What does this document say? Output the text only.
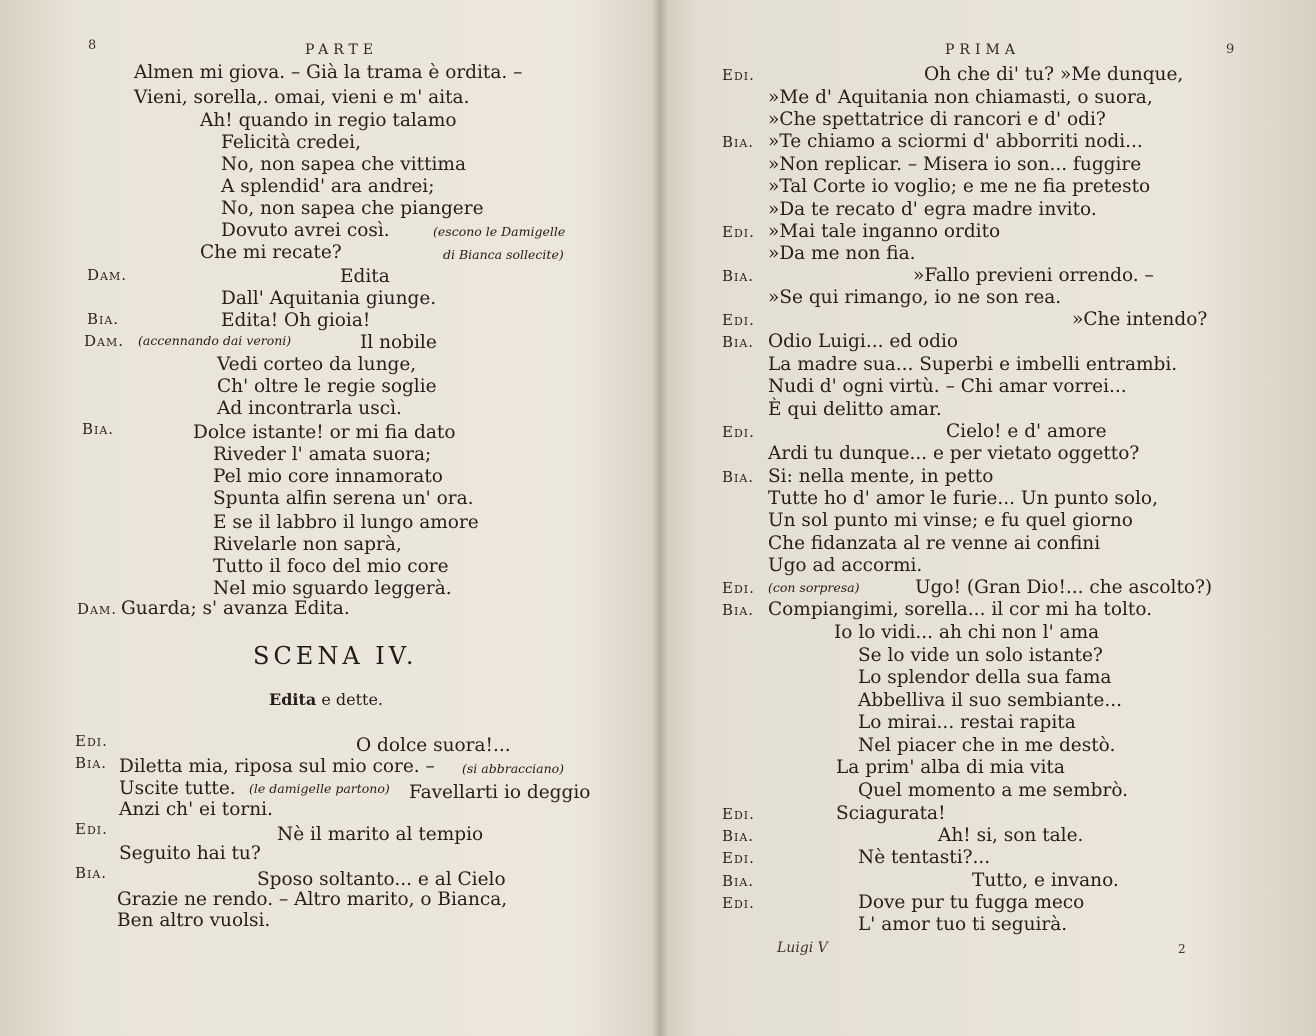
8	PARTE
Almen mi giova. – Già la trama è ordita. –
Vieni, sorella,. omai, vieni e m' aita.
Ah! quando in regio talamo
Felicità credei,
No, non sapea che vittima
A splendid' ara andrei;
No, non sapea che piangere
Dovuto avrei così.	(escono le Damigelle
Che mi recate?	di Bianca sollecite)
Dam.	Edita
Dall' Aquitania giunge.
Bia.	Edita! Oh gioia!
Dam. (accennando dai veroni)	Il nobile
Vedi corteo da lunge,
Ch' oltre le regie soglie
Ad incontrarla uscì.
Bia.	Dolce istante! or mi fia dato
Riveder l' amata suora;
Pel mio core innamorato
Spunta alfin serena un' ora.
E se il labbro il lungo amore
Rivelarle non saprà,
Tutto il foco del mio core
Nel mio sguardo leggerà.
Dam. Guarda; s' avanza Edita.
SCENA IV.
Edita e dette.
Edi.	O dolce suora!...
Bia. Diletta mia, riposa sul mio core. – (si abbracciano)
Uscite tutte. (le damigelle partono) Favellarti io deggio
Anzi ch' ei torni.
Edi.	Nè il marito al tempio
Seguito hai tu?
Bia.	Sposo soltanto... e al Cielo
Grazie ne rendo. – Altro marito, o Bianca,
Ben altro vuolsi.
PRIMA	9
Edi.	Oh che di' tu? »Me dunque,
»Me d' Aquitania non chiamasti, o suora,
»Che spettatrice di rancori e d' odi?
Bia. »Te chiamo a sciormi d' abborriti nodi...
»Non replicar. – Misera io son... fuggire
»Tal Corte io voglio; e me ne fia pretesto
»Da te recato d' egra madre invito.
Edi. »Mai tale inganno ordito
»Da me non fia.
Bia.	»Fallo previeni orrendo. –
»Se qui rimango, io ne son rea.
Edi.	»Che intendo?
Bia. Odio Luigi... ed odio
La madre sua... Superbi e imbelli entrambi.
Nudi d' ogni virtù. – Chi amar vorrei...
È qui delitto amar.
Edi.	Cielo! e d' amore
Ardi tu dunque... e per vietato oggetto?
Bia. Si: nella mente, in petto
Tutte ho d' amor le furie... Un punto solo,
Un sol punto mi vinse; e fu quel giorno
Che fidanzata al re venne ai confini
Ugo ad accormi.
Edi. (con sorpresa)	Ugo! (Gran Dio!... che ascolto?)
Bia. Compiangimi, sorella... il cor mi ha tolto.
Io lo vidi... ah chi non l' ama
Se lo vide un solo istante?
Lo splendor della sua fama
Abbelliva il suo sembiante...
Lo mirai... restai rapita
Nel piacer che in me destò.
La prim' alba di mia vita
Quel momento a me sembrò.
Edi.	Sciagurata!
Bia.	Ah! si, son tale.
Edi.	Nè tentasti?...
Bia.	Tutto, e invano.
Edi.	Dove pur tu fugga meco
L' amor tuo ti seguirà.
Luigi V	2
